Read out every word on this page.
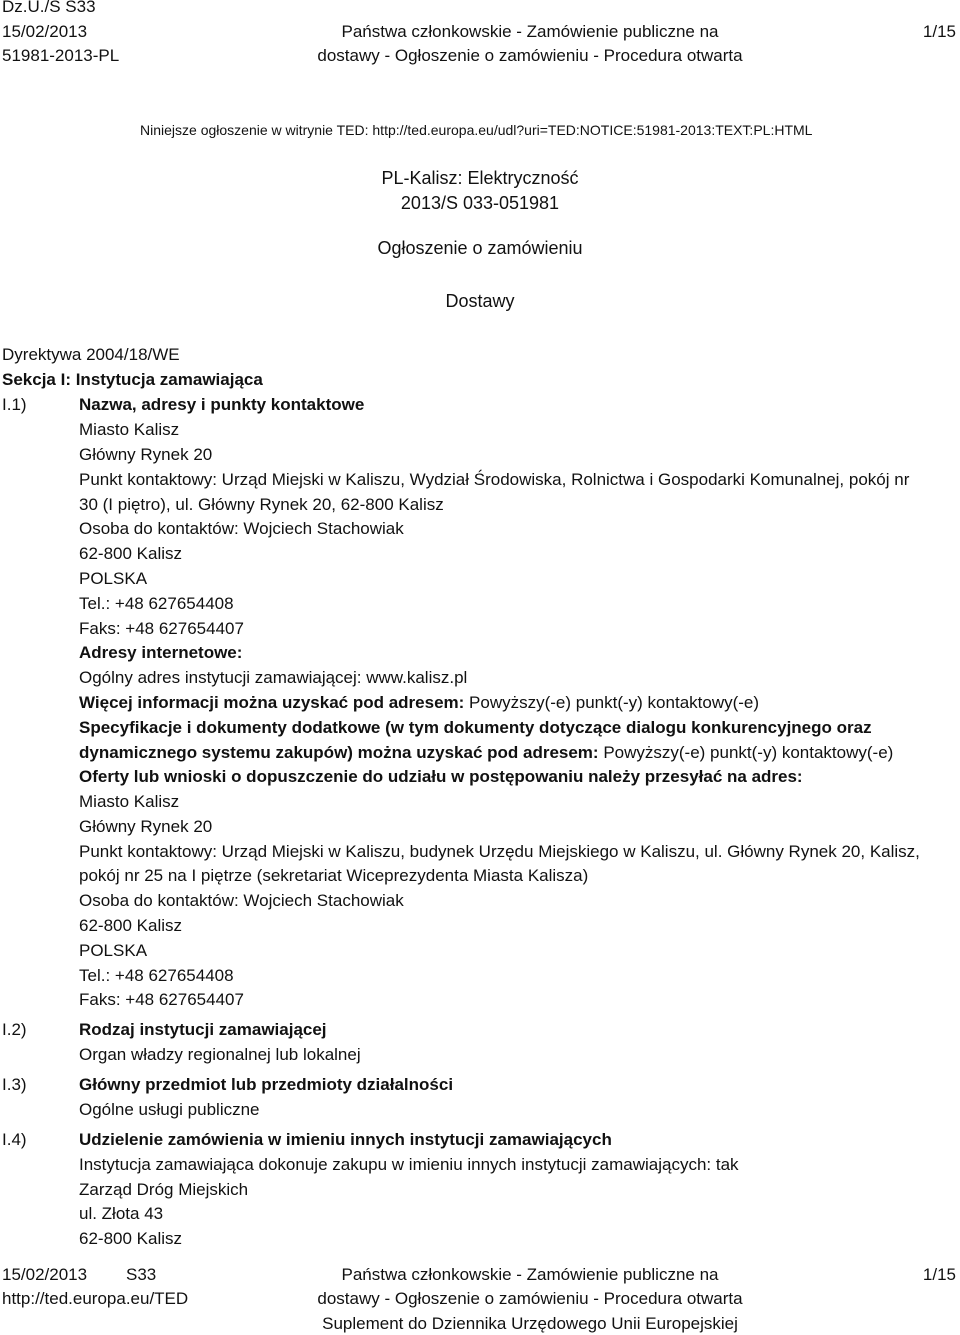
Dz.U./S S33
15/02/2013
51981-2013-PL
Państwa członkowskie - Zamówienie publiczne na
dostawy - Ogłoszenie o zamówieniu - Procedura otwarta
1/15
Niniejsze ogłoszenie w witrynie TED: http://ted.europa.eu/udl?uri=TED:NOTICE:51981-2013:TEXT:PL:HTML
PL-Kalisz: Elektryczność
2013/S 033-051981
Ogłoszenie o zamówieniu
Dostawy
Dyrektywa 2004/18/WE
Sekcja I: Instytucja zamawiająca
I.1)	Nazwa, adresy i punkty kontaktowe
Miasto Kalisz
Główny Rynek 20
Punkt kontaktowy: Urząd Miejski w Kaliszu, Wydział Środowiska, Rolnictwa i Gospodarki Komunalnej, pokój nr
30 (I piętro), ul. Główny Rynek 20, 62-800 Kalisz
Osoba do kontaktów: Wojciech Stachowiak
62-800 Kalisz
POLSKA
Tel.: +48 627654408
Faks: +48 627654407
Adresy internetowe:
Ogólny adres instytucji zamawiającej: www.kalisz.pl
Więcej informacji można uzyskać pod adresem: Powyższy(-e) punkt(-y) kontaktowy(-e)
Specyfikacje i dokumenty dodatkowe (w tym dokumenty dotyczące dialogu konkurencyjnego oraz
dynamicznego systemu zakupów) można uzyskać pod adresem: Powyższy(-e) punkt(-y) kontaktowy(-e)
Oferty lub wnioski o dopuszczenie do udziału w postępowaniu należy przesyłać na adres:
Miasto Kalisz
Główny Rynek 20
Punkt kontaktowy: Urząd Miejski w Kaliszu, budynek Urzędu Miejskiego w Kaliszu, ul. Główny Rynek 20, Kalisz,
pokój nr 25 na I piętrze (sekretariat Wiceprezydenta Miasta Kalisza)
Osoba do kontaktów: Wojciech Stachowiak
62-800 Kalisz
POLSKA
Tel.: +48 627654408
Faks: +48 627654407
I.2)	Rodzaj instytucji zamawiającej
Organ władzy regionalnej lub lokalnej
I.3)	Główny przedmiot lub przedmioty działalności
Ogólne usługi publiczne
I.4)	Udzielenie zamówienia w imieniu innych instytucji zamawiających
Instytucja zamawiająca dokonuje zakupu w imieniu innych instytucji zamawiających: tak
Zarząd Dróg Miejskich
ul. Złota 43
62-800 Kalisz
15/02/2013 S33
http://ted.europa.eu/TED
Państwa członkowskie - Zamówienie publiczne na
dostawy - Ogłoszenie o zamówieniu - Procedura otwarta
Suplement do Dziennika Urzędowego Unii Europejskiej
1/15
